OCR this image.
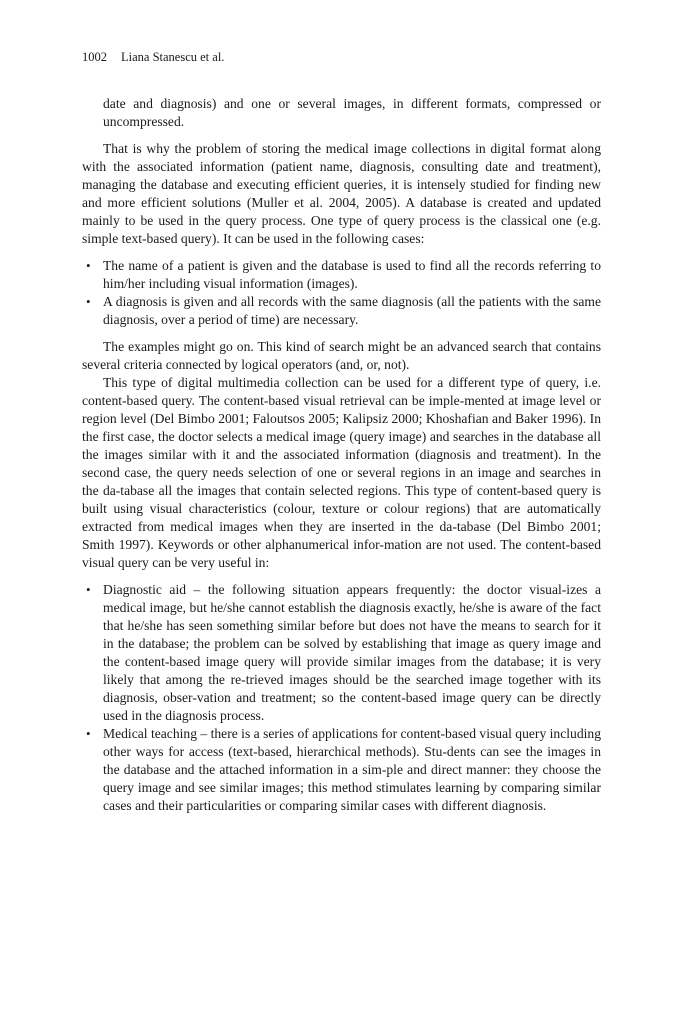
1002 Liana Stanescu et al.

date and diagnosis) and one or several images, in different formats, compressed or uncompressed.

That is why the problem of storing the medical image collections in digital format along with the associated information (patient name, diagnosis, consulting date and treatment), managing the database and executing efficient queries, it is intensely studied for finding new and more efficient solutions (Muller et al. 2004, 2005). A database is created and updated mainly to be used in the query process. One type of query process is the classical one (e.g. simple text-based query). It can be used in the following cases:

• The name of a patient is given and the database is used to find all the records referring to him/her including visual information (images).
• A diagnosis is given and all records with the same diagnosis (all the patients with the same diagnosis, over a period of time) are necessary.

The examples might go on. This kind of search might be an advanced search that contains several criteria connected by logical operators (and, or, not).

This type of digital multimedia collection can be used for a different type of query, i.e. content-based query. The content-based visual retrieval can be imple-mented at image level or region level (Del Bimbo 2001; Faloutsos 2005; Kalipsiz 2000; Khoshafian and Baker 1996). In the first case, the doctor selects a medical image (query image) and searches in the database all the images similar with it and the associated information (diagnosis and treatment). In the second case, the query needs selection of one or several regions in an image and searches in the da-tabase all the images that contain selected regions. This type of content-based query is built using visual characteristics (colour, texture or colour regions) that are automatically extracted from medical images when they are inserted in the da-tabase (Del Bimbo 2001; Smith 1997). Keywords or other alphanumerical infor-mation are not used. The content-based visual query can be very useful in:

• Diagnostic aid – the following situation appears frequently: the doctor visual-izes a medical image, but he/she cannot establish the diagnosis exactly, he/she is aware of the fact that he/she has seen something similar before but does not have the means to search for it in the database; the problem can be solved by establishing that image as query image and the content-based image query will provide similar images from the database; it is very likely that among the re-trieved images should be the searched image together with its diagnosis, obser-vation and treatment; so the content-based image query can be directly used in the diagnosis process.
• Medical teaching – there is a series of applications for content-based visual query including other ways for access (text-based, hierarchical methods). Stu-dents can see the images in the database and the attached information in a sim-ple and direct manner: they choose the query image and see similar images; this method stimulates learning by comparing similar cases and their particularities or comparing similar cases with different diagnosis.
